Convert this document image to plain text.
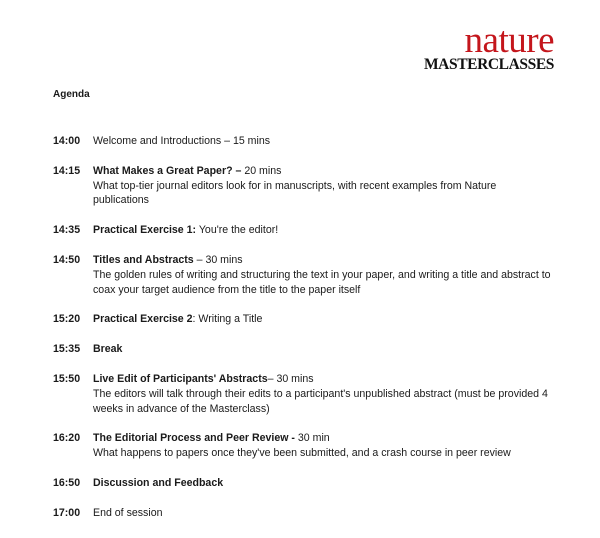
nature
MASTERCLASSES
Agenda
14:00 Welcome and Introductions – 15 mins
14:15 What Makes a Great Paper? – 20 mins
What top-tier journal editors look for in manuscripts, with recent examples from Nature publications
14:35 Practical Exercise 1: You're the editor!
14:50 Titles and Abstracts – 30 mins
The golden rules of writing and structuring the text in your paper, and writing a title and abstract to coax your target audience from the title to the paper itself
15:20 Practical Exercise 2: Writing a Title
15:35 Break
15:50 Live Edit of Participants' Abstracts– 30 mins
The editors will talk through their edits to a participant's unpublished abstract (must be provided 4 weeks in advance of the Masterclass)
16:20 The Editorial Process and Peer Review - 30 min
What happens to papers once they've been submitted, and a crash course in peer review
16:50 Discussion and Feedback
17:00 End of session
